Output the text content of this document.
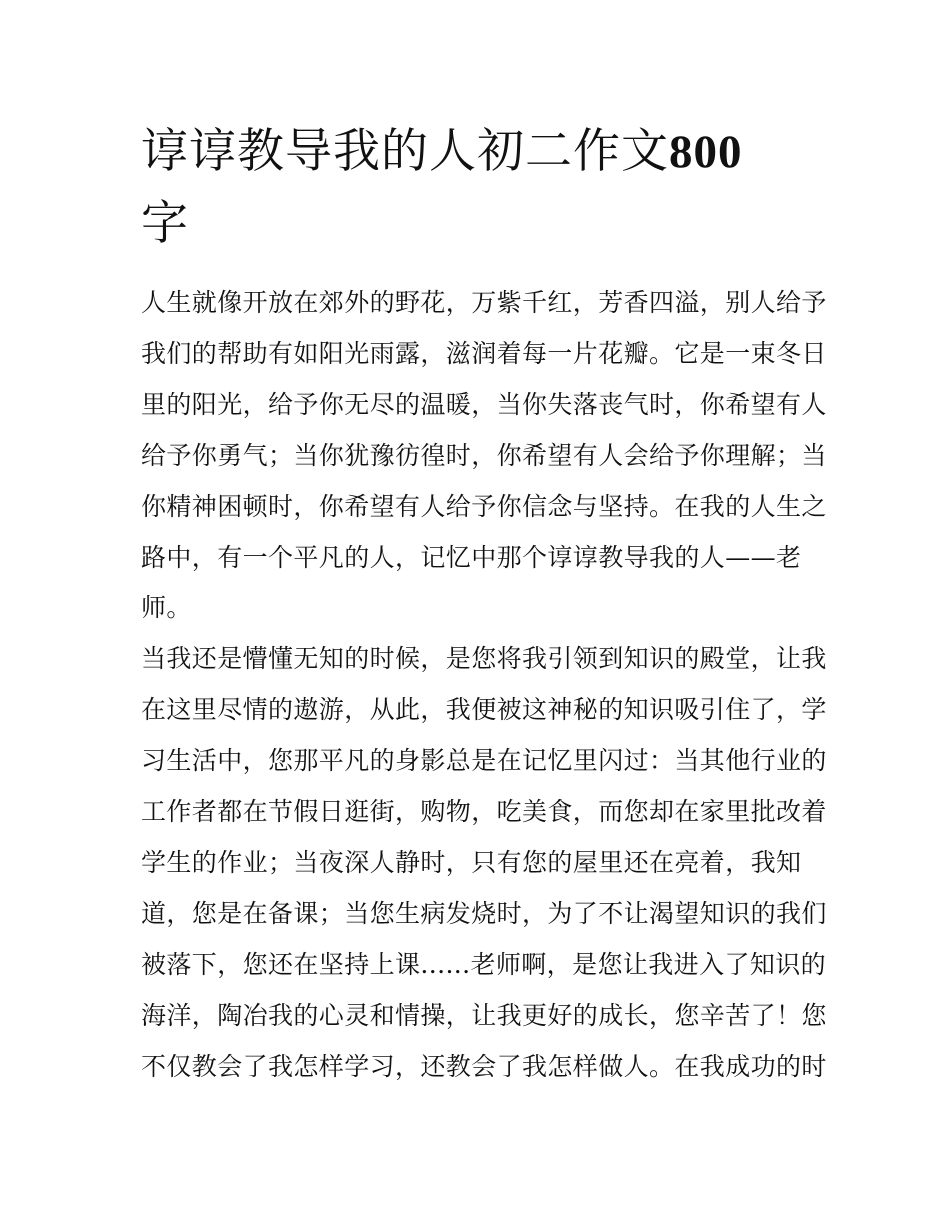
谆谆教导我的人初二作文800
字

人生就像开放在郊外的野花，万紫千红，芳香四溢，别人给予
我们的帮助有如阳光雨露，滋润着每一片花瓣。它是一束冬日
里的阳光，给予你无尽的温暖，当你失落丧气时，你希望有人
给予你勇气；当你犹豫彷徨时，你希望有人会给予你理解；当
你精神困顿时，你希望有人给予你信念与坚持。在我的人生之
路中，有一个平凡的人，记忆中那个谆谆教导我的人——老
师。

当我还是懵懂无知的时候，是您将我引领到知识的殿堂，让我
在这里尽情的遨游，从此，我便被这神秘的知识吸引住了，学
习生活中，您那平凡的身影总是在记忆里闪过：当其他行业的
工作者都在节假日逛街，购物，吃美食，而您却在家里批改着
学生的作业；当夜深人静时，只有您的屋里还在亮着，我知
道，您是在备课；当您生病发烧时，为了不让渴望知识的我们
被落下，您还在坚持上课......老师啊，是您让我进入了知识的
海洋，陶冶我的心灵和情操，让我更好的成长，您辛苦了！您
不仅教会了我怎样学习，还教会了我怎样做人。在我成功的时
